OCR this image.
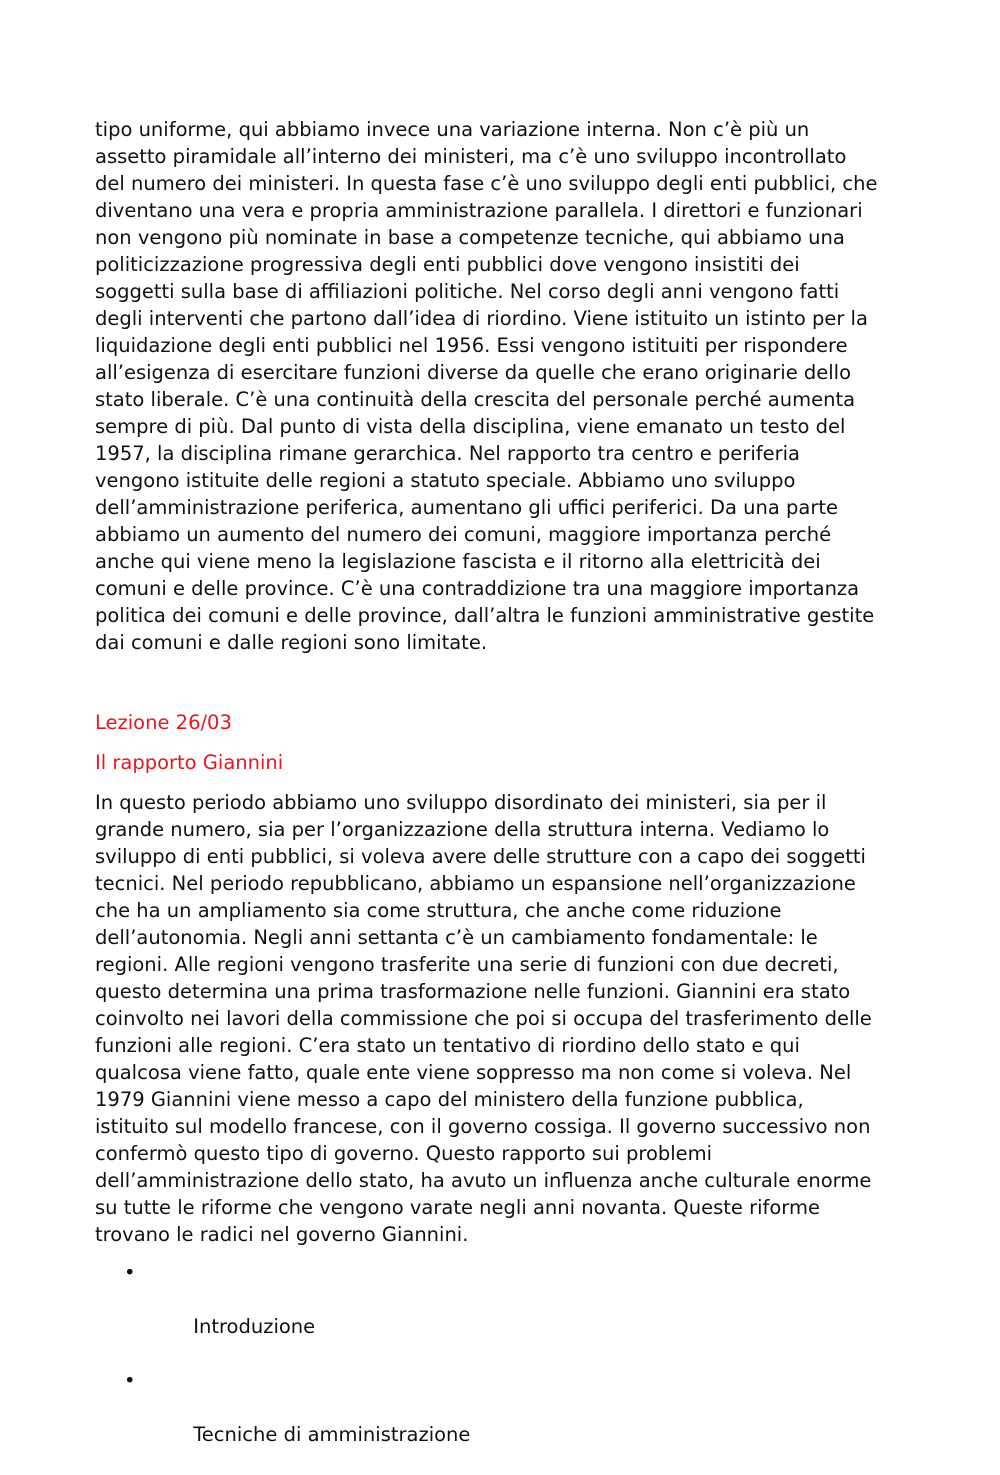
tipo uniforme, qui abbiamo invece una variazione interna. Non c’è più un
assetto piramidale all’interno dei ministeri, ma c’è uno sviluppo incontrollato
del numero dei ministeri. In questa fase c’è uno sviluppo degli enti pubblici, che
diventano una vera e propria amministrazione parallela. I direttori e funzionari
non vengono più nominate in base a competenze tecniche, qui abbiamo una
politicizzazione progressiva degli enti pubblici dove vengono insistiti dei
soggetti sulla base di affiliazioni politiche. Nel corso degli anni vengono fatti
degli interventi che partono dall’idea di riordino. Viene istituito un istinto per la
liquidazione degli enti pubblici nel 1956. Essi vengono istituiti per rispondere
all’esigenza di esercitare funzioni diverse da quelle che erano originarie dello
stato liberale. C’è una continuità della crescita del personale perché aumenta
sempre di più. Dal punto di vista della disciplina, viene emanato un testo del
1957, la disciplina rimane gerarchica. Nel rapporto tra centro e periferia
vengono istituite delle regioni a statuto speciale. Abbiamo uno sviluppo
dell’amministrazione periferica, aumentano gli uffici periferici. Da una parte
abbiamo un aumento del numero dei comuni, maggiore importanza perché
anche qui viene meno la legislazione fascista e il ritorno alla elettricità dei
comuni e delle province. C’è una contraddizione tra una maggiore importanza
politica dei comuni e delle province, dall’altra le funzioni amministrative gestite
dai comuni e dalle regioni sono limitate.
Lezione 26/03
Il rapporto Giannini
In questo periodo abbiamo uno sviluppo disordinato dei ministeri, sia per il
grande numero, sia per l’organizzazione della struttura interna. Vediamo lo
sviluppo di enti pubblici, si voleva avere delle strutture con a capo dei soggetti
tecnici. Nel periodo repubblicano, abbiamo un espansione nell’organizzazione
che ha un ampliamento sia come struttura, che anche come riduzione
dell’autonomia. Negli anni settanta c’è un cambiamento fondamentale: le
regioni. Alle regioni vengono trasferite una serie di funzioni con due decreti,
questo determina una prima trasformazione nelle funzioni. Giannini era stato
coinvolto nei lavori della commissione che poi si occupa del trasferimento delle
funzioni alle regioni. C’era stato un tentativo di riordino dello stato e qui
qualcosa viene fatto, quale ente viene soppresso ma non come si voleva. Nel
1979 Giannini viene messo a capo del ministero della funzione pubblica,
istituito sul modello francese, con il governo cossiga. Il governo successivo non
confermò questo tipo di governo. Questo rapporto sui problemi
dell’amministrazione dello stato, ha avuto un influenza anche culturale enorme
su tutte le riforme che vengono varate negli anni novanta. Queste riforme
trovano le radici nel governo Giannini.

•

Introduzione

•

Tecniche di amministrazione
